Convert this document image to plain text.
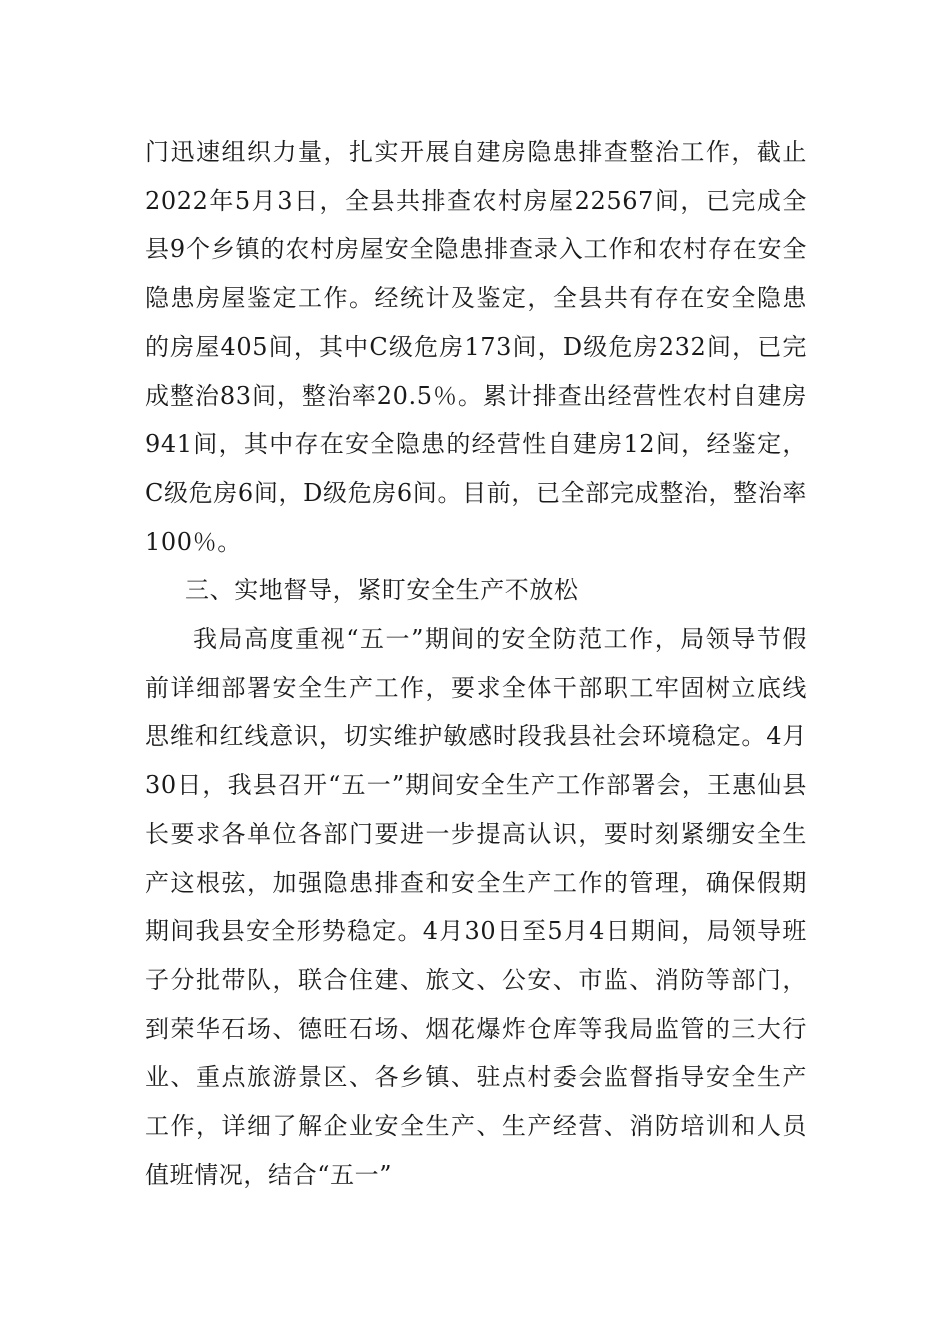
门迅速组织力量，扎实开展自建房隐患排查整治工作，截止2022年5月3日，全县共排查农村房屋22567间，已完成全县9个乡镇的农村房屋安全隐患排查录入工作和农村存在安全隐患房屋鉴定工作。经统计及鉴定，全县共有存在安全隐患的房屋405间，其中C级危房173间，D级危房232间，已完成整治83间，整治率20.5％。累计排查出经营性农村自建房941间，其中存在安全隐患的经营性自建房12间，经鉴定，C级危房6间，D级危房6间。目前，已全部完成整治，整治率100％。

三、实地督导，紧盯安全生产不放松

我局高度重视“五一”期间的安全防范工作，局领导节假前详细部署安全生产工作，要求全体干部职工牢固树立底线思维和红线意识，切实维护敏感时段我县社会环境稳定。4月30日，我县召开“五一”期间安全生产工作部署会，王惠仙县长要求各单位各部门要进一步提高认识，要时刻紧绷安全生产这根弦，加强隐患排查和安全生产工作的管理，确保假期期间我县安全形势稳定。4月30日至5月4日期间，局领导班子分批带队，联合住建、旅文、公安、市监、消防等部门，到荣华石场、德旺石场、烟花爆炸仓库等我局监管的三大行业、重点旅游景区、各乡镇、驻点村委会监督指导安全生产工作，详细了解企业安全生产、生产经营、消防培训和人员值班情况，结合“五一”
